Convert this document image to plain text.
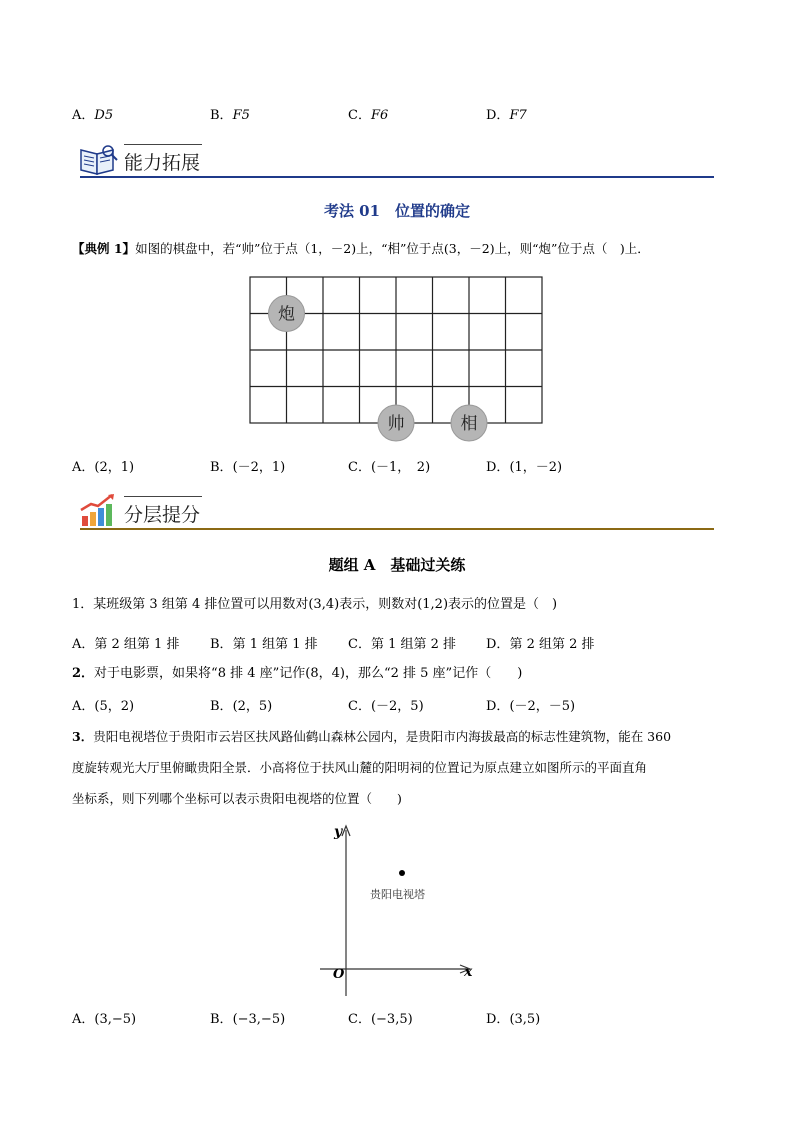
A．D5	B．F5	C．F6	D．F7
能力拓展
考法 01　位置的确定
【典例 1】如图的棋盘中，若“帅”位于点（1，－2)上，“相”位于点(3，－2)上，则“炮”位于点（　)上．
炮
帅	相
A．(2，1)	B．(－2，1)	C．(－1，　2)	D．(1，－2)
分层提分
题组 A　基础过关练
1．某班级第 3 组第 4 排位置可以用数对(3,4)表示，则数对(1,2)表示的位置是（　)
A．第 2 组第 1 排 B．第 1 组第 1 排 C．第 1 组第 2 排 D．第 2 组第 2 排
2．对于电影票，如果将“8 排 4 座”记作(8，4)，那么“2 排 5 座”记作（　　)
A．(5，2)	B．(2，5)	C．(－2，5)	D．(－2，－5)
3．贵阳电视塔位于贵阳市云岩区扶风路仙鹤山森林公园内，是贵阳市内海拔最高的标志性建筑物，能在 360
度旋转观光大厅里俯瞰贵阳全景．小高将位于扶风山麓的阳明祠的位置记为原点建立如图所示的平面直角
坐标系，则下列哪个坐标可以表示贵阳电视塔的位置（　　)
y
x
O
贵阳电视塔
A．(3,−5)	B．(−3,−5)	C．(−3,5)	D．(3,5)
